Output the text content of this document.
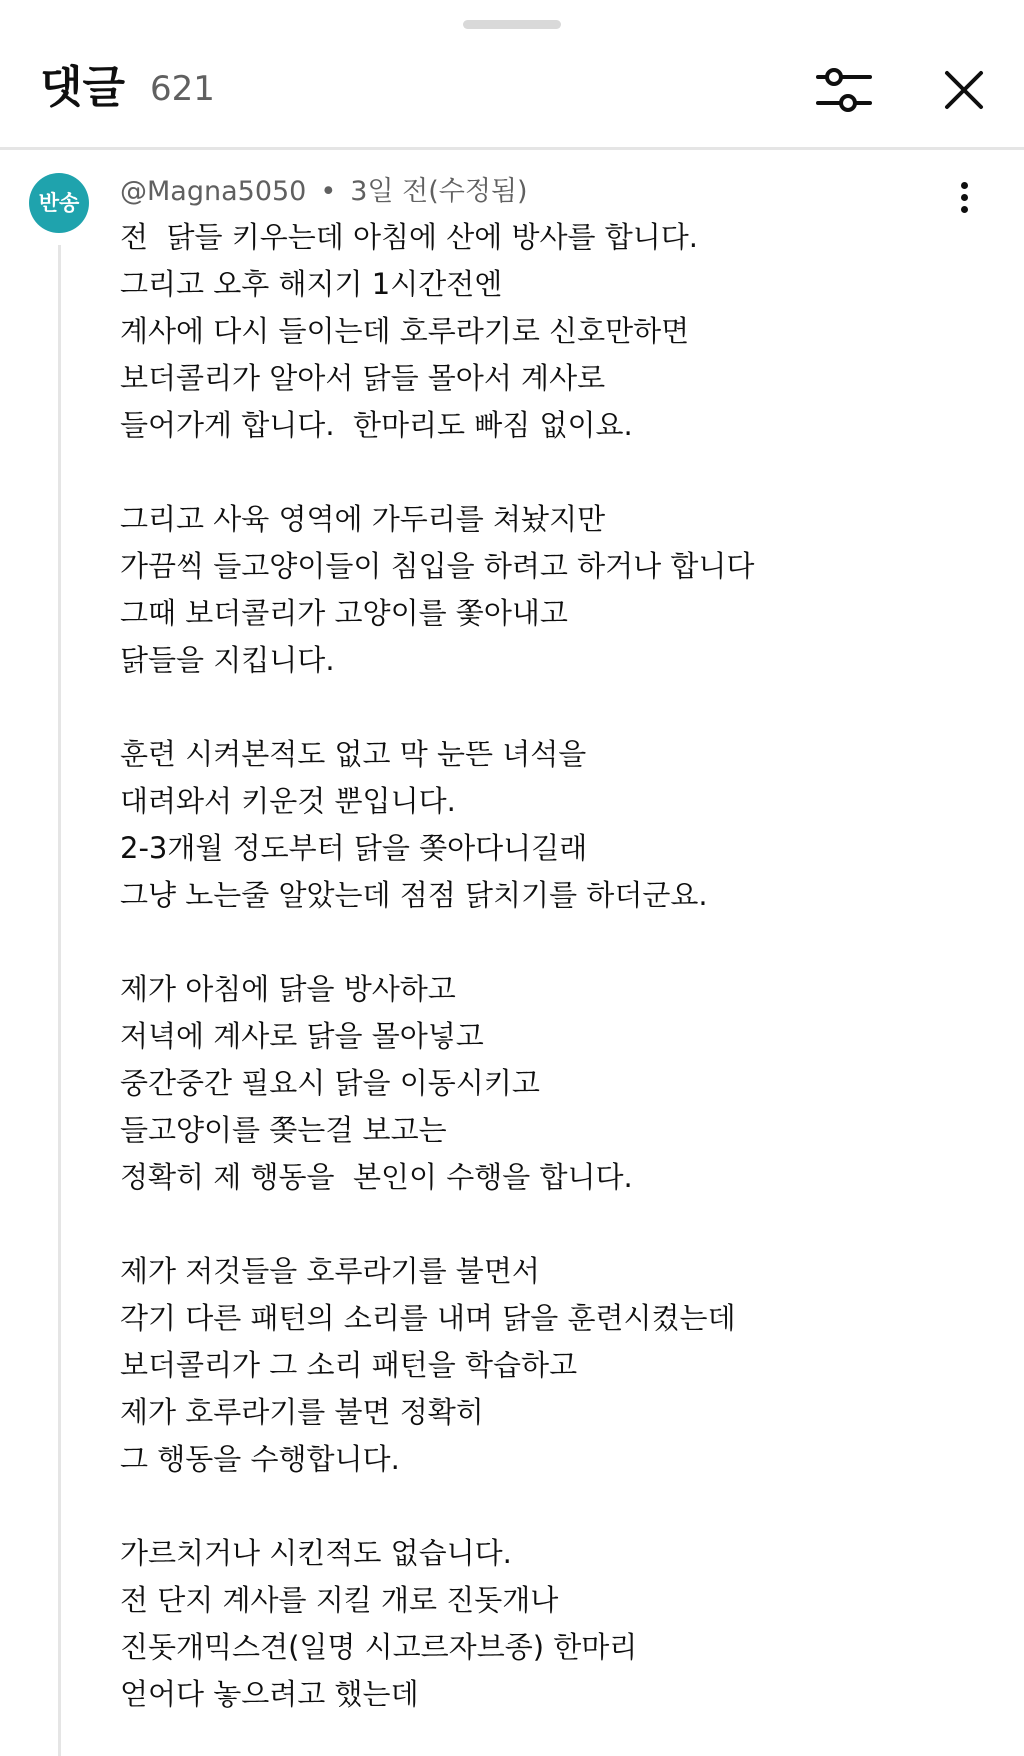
댓글 621
반송	@Magna5050 • 3일 전(수정됨)
전  닭들 키우는데 아침에 산에 방사를 합니다.
그리고 오후 해지기 1시간전엔
계사에 다시 들이는데 호루라기로 신호만하면
보더콜리가 알아서 닭들 몰아서 계사로
들어가게 합니다.  한마리도 빠짐 없이요.
그리고 사육 영역에 가두리를 쳐놨지만
가끔씩 들고양이들이 침입을 하려고 하거나 합니다
그때 보더콜리가 고양이를 쫓아내고
닭들을 지킵니다.
훈련 시켜본적도 없고 막 눈뜬 녀석을
대려와서 키운것 뿐입니다.
2-3개월 정도부터 닭을 쫒아다니길래
그냥 노는줄 알았는데 점점 닭치기를 하더군요.
제가 아침에 닭을 방사하고
저녁에 계사로 닭을 몰아넣고
중간중간 필요시 닭을 이동시키고
들고양이를 쫒는걸 보고는
정확히 제 행동을  본인이 수행을 합니다.
제가 저것들을 호루라기를 불면서
각기 다른 패턴의 소리를 내며 닭을 훈련시켰는데
보더콜리가 그 소리 패턴을 학습하고
제가 호루라기를 불면 정확히
그 행동을 수행합니다.
가르치거나 시킨적도 없습니다.
전 단지 계사를 지킬 개로 진돗개나
진돗개믹스견(일명 시고르자브종) 한마리
얻어다 놓으려고 했는데
